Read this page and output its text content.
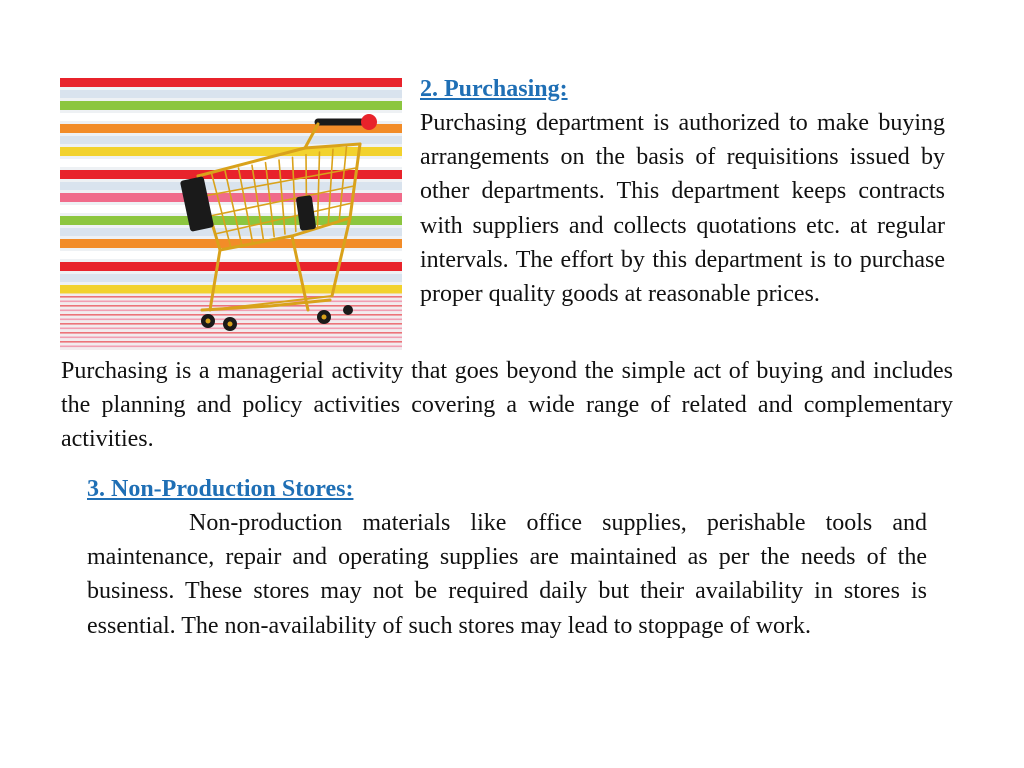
2. Purchasing:

Purchasing department is authorized to make buying arrangements on the basis of requisitions issued by other departments. This department keeps contracts with suppliers and collects quotations etc. at regular intervals. The effort by this department is to purchase proper quality goods at reasonable prices.

Purchasing is a managerial activity that goes beyond the simple act of buying and includes the planning and policy activities covering a wide range of related and complementary activities.

3. Non-Production Stores:

Non-production materials like office supplies, perishable tools and maintenance, repair and operating supplies are maintained as per the needs of the business. These stores may not be required daily but their availability in stores is essential. The non-availability of such stores may lead to stoppage of work.
